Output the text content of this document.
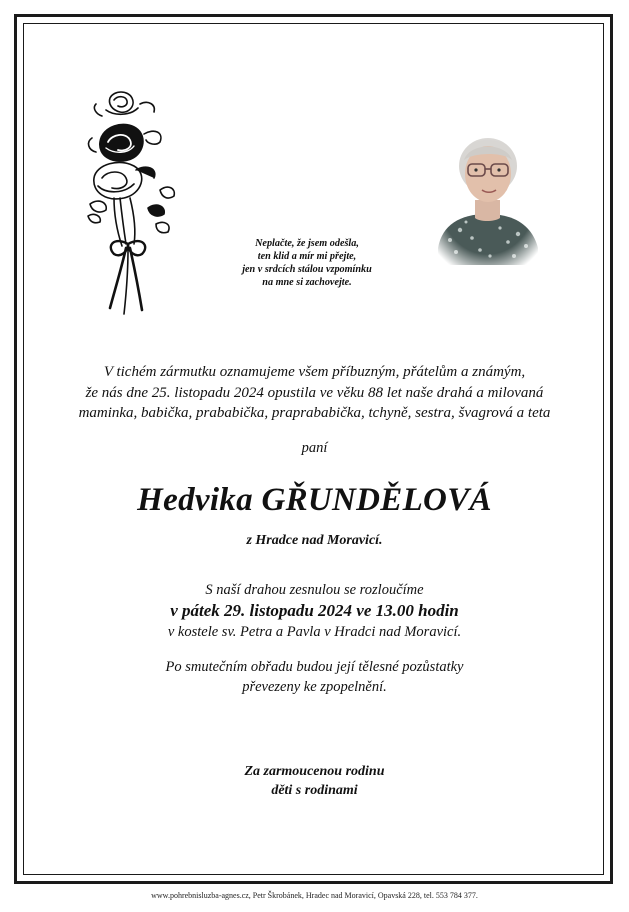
Neplačte, že jsem odešla,
ten klid a mír mi přejte,
jen v srdcích stálou vzpomínku
na mne si zachovejte.
V tichém zármutku oznamujeme všem příbuzným, přátelům a známým,
že nás dne 25. listopadu 2024 opustila ve věku 88 let naše drahá a milovaná
maminka, babička, prababička, praprababička, tchyně, sestra, švagrová a teta
paní
Hedvika GŘUNDĚLOVÁ
z Hradce nad Moravicí.
S naší drahou zesnulou se rozloučíme
v pátek 29. listopadu 2024 ve 13.00 hodin
v kostele sv. Petra a Pavla v Hradci nad Moravicí.
Po smutečním obřadu budou její tělesné pozůstatky
převezeny ke zpopelnění.
Za zarmoucenou rodinu
děti s rodinami
www.pohrebnisluzba-agnes.cz, Petr Škrobánek, Hradec nad Moravicí, Opavská 228, tel. 553 784 377.
